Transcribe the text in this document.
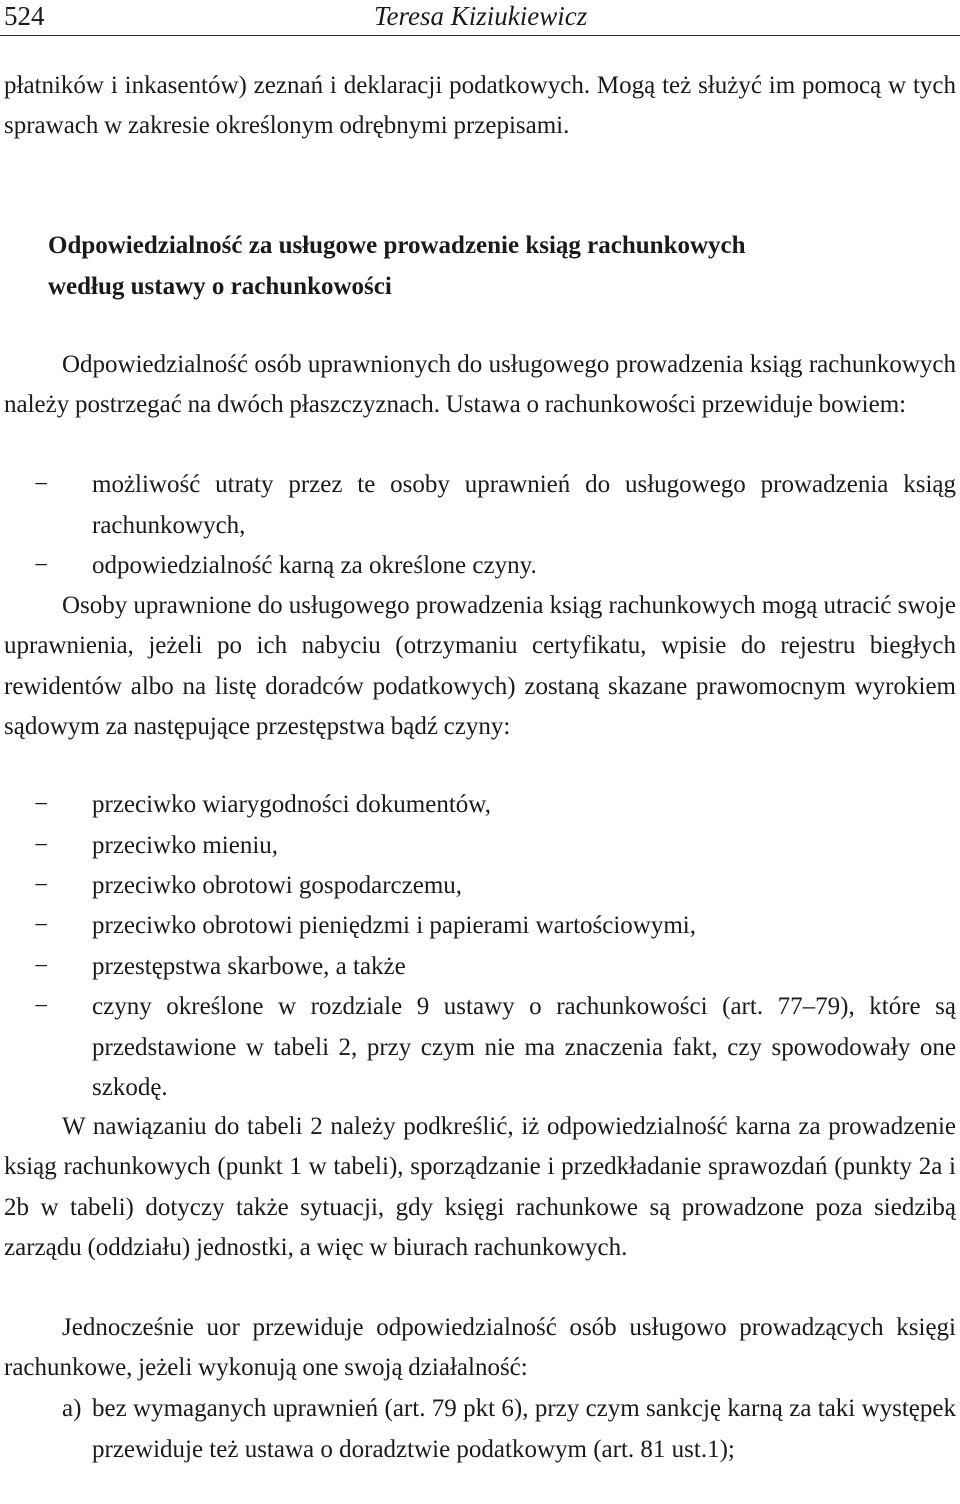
524	Teresa Kiziukiewicz

płatników i inkasentów) zeznań i deklaracji podatkowych. Mogą też służyć im pomocą w tych sprawach w zakresie określonym odrębnymi przepisami.

Odpowiedzialność za usługowe prowadzenie ksiąg rachunkowych
według ustawy o rachunkowości

Odpowiedzialność osób uprawnionych do usługowego prowadzenia ksiąg rachunkowych należy postrzegać na dwóch płaszczyznach. Ustawa o rachunkowości przewiduje bowiem:

− możliwość utraty przez te osoby uprawnień do usługowego prowadzenia ksiąg rachunkowych,
− odpowiedzialność karną za określone czyny.

Osoby uprawnione do usługowego prowadzenia ksiąg rachunkowych mogą utracić swoje uprawnienia, jeżeli po ich nabyciu (otrzymaniu certyfikatu, wpisie do rejestru biegłych rewidentów albo na listę doradców podatkowych) zostaną skazane prawomocnym wyrokiem sądowym za następujące przestępstwa bądź czyny:

− przeciwko wiarygodności dokumentów,
− przeciwko mieniu,
− przeciwko obrotowi gospodarczemu,
− przeciwko obrotowi pieniędzmi i papierami wartościowymi,
− przestępstwa skarbowe, a także
− czyny określone w rozdziale 9 ustawy o rachunkowości (art. 77–79), które są przedstawione w tabeli 2, przy czym nie ma znaczenia fakt, czy spowodowały one szkodę.

W nawiązaniu do tabeli 2 należy podkreślić, iż odpowiedzialność karna za prowadzenie ksiąg rachunkowych (punkt 1 w tabeli), sporządzanie i przedkładanie sprawozdań (punkty 2a i 2b w tabeli) dotyczy także sytuacji, gdy księgi rachunkowe są prowadzone poza siedzibą zarządu (oddziału) jednostki, a więc w biurach rachunkowych.

Jednocześnie uor przewiduje odpowiedzialność osób usługowo prowadzących księgi rachunkowe, jeżeli wykonują one swoją działalność:

a) bez wymaganych uprawnień (art. 79 pkt 6), przy czym sankcję karną za taki występek przewiduje też ustawa o doradztwie podatkowym (art. 81 ust.1);
